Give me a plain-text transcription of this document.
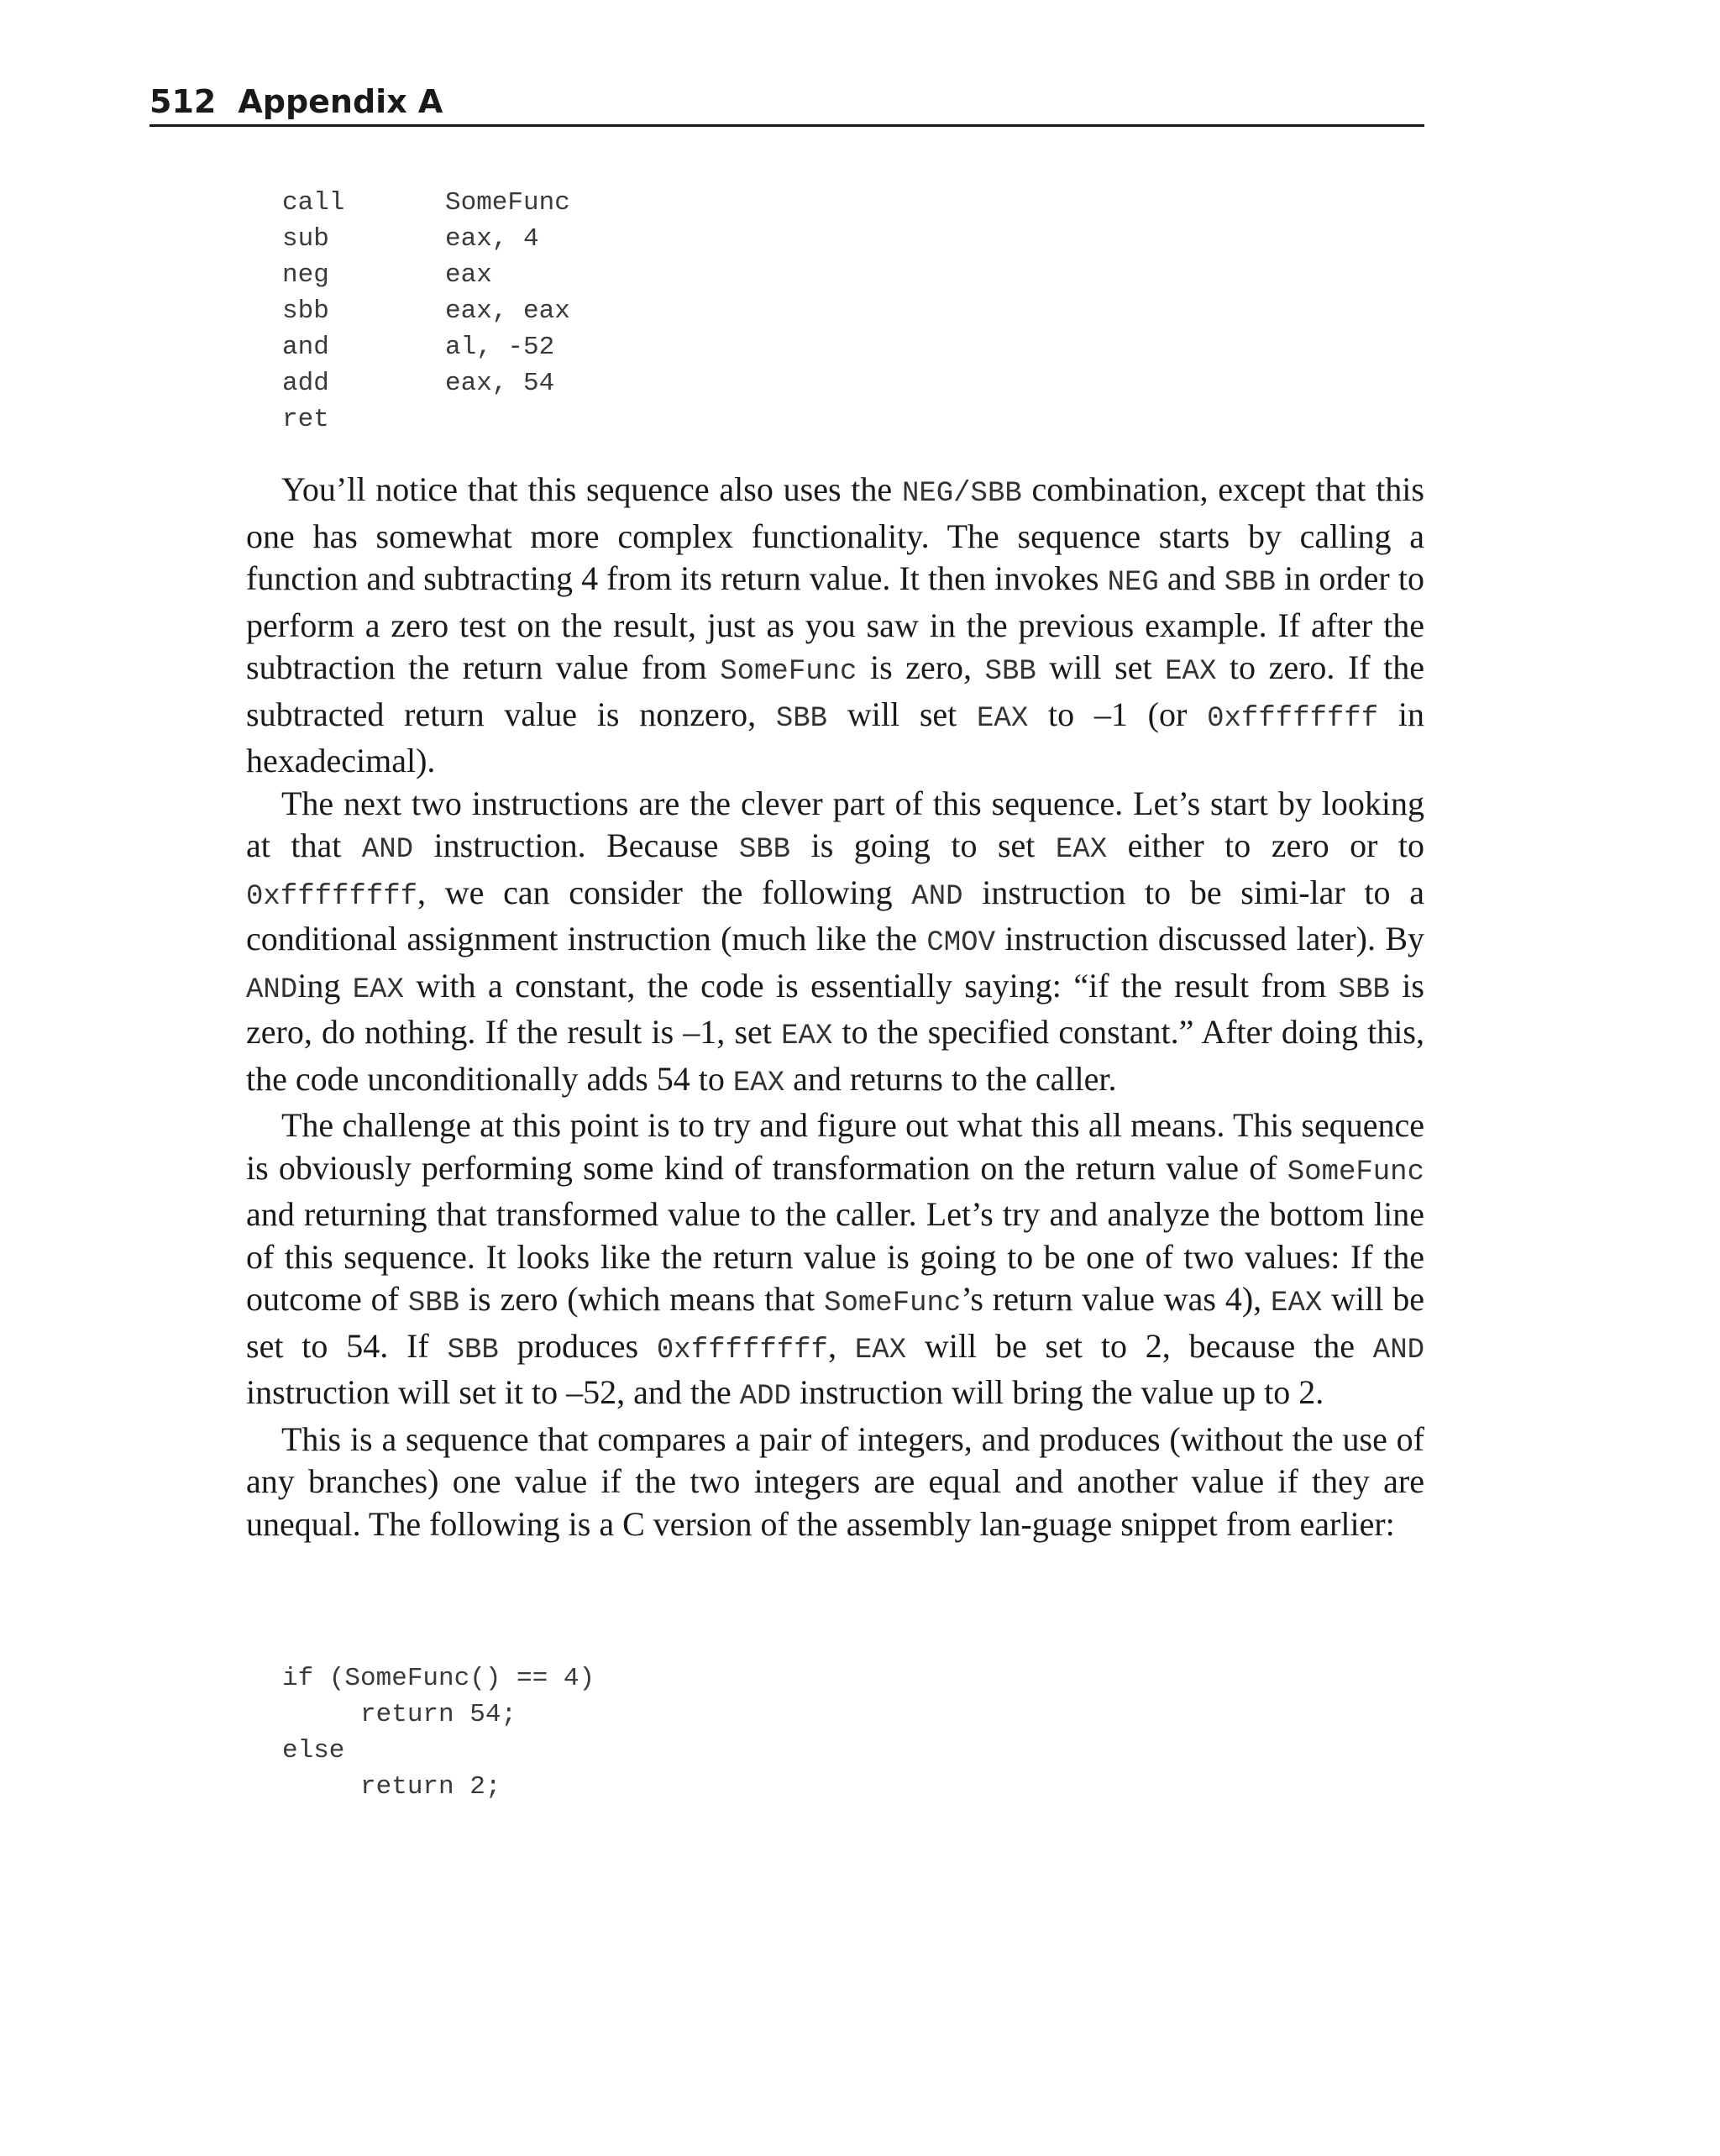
512 Appendix A
call	SomeFunc
sub	eax, 4
neg	eax
sbb	eax, eax
and	al, -52
add	eax, 54
ret

You’ll notice that this sequence also uses the NEG/SBB combination, except that this one has somewhat more complex functionality. The sequence starts by calling a function and subtracting 4 from its return value. It then invokes NEG and SBB in order to perform a zero test on the result, just as you saw in the previous example. If after the subtraction the return value from SomeFunc is zero, SBB will set EAX to zero. If the subtracted return value is nonzero, SBB will set EAX to –1 (or 0xffffffff in hexadecimal).

The next two instructions are the clever part of this sequence. Let’s start by looking at that AND instruction. Because SBB is going to set EAX either to zero or to 0xffffffff, we can consider the following AND instruction to be simi-lar to a conditional assignment instruction (much like the CMOV instruction discussed later). By ANDing EAX with a constant, the code is essentially saying: “if the result from SBB is zero, do nothing. If the result is –1, set EAX to the specified constant.” After doing this, the code unconditionally adds 54 to EAX and returns to the caller.

The challenge at this point is to try and figure out what this all means. This sequence is obviously performing some kind of transformation on the return value of SomeFunc and returning that transformed value to the caller. Let’s try and analyze the bottom line of this sequence. It looks like the return value is going to be one of two values: If the outcome of SBB is zero (which means that SomeFunc’s return value was 4), EAX will be set to 54. If SBB produces 0xffffffff, EAX will be set to 2, because the AND instruction will set it to –52, and the ADD instruction will bring the value up to 2.

This is a sequence that compares a pair of integers, and produces (without the use of any branches) one value if the two integers are equal and another value if they are unequal. The following is a C version of the assembly lan-guage snippet from earlier:

if (SomeFunc() == 4)
return 54;
else
return 2;
